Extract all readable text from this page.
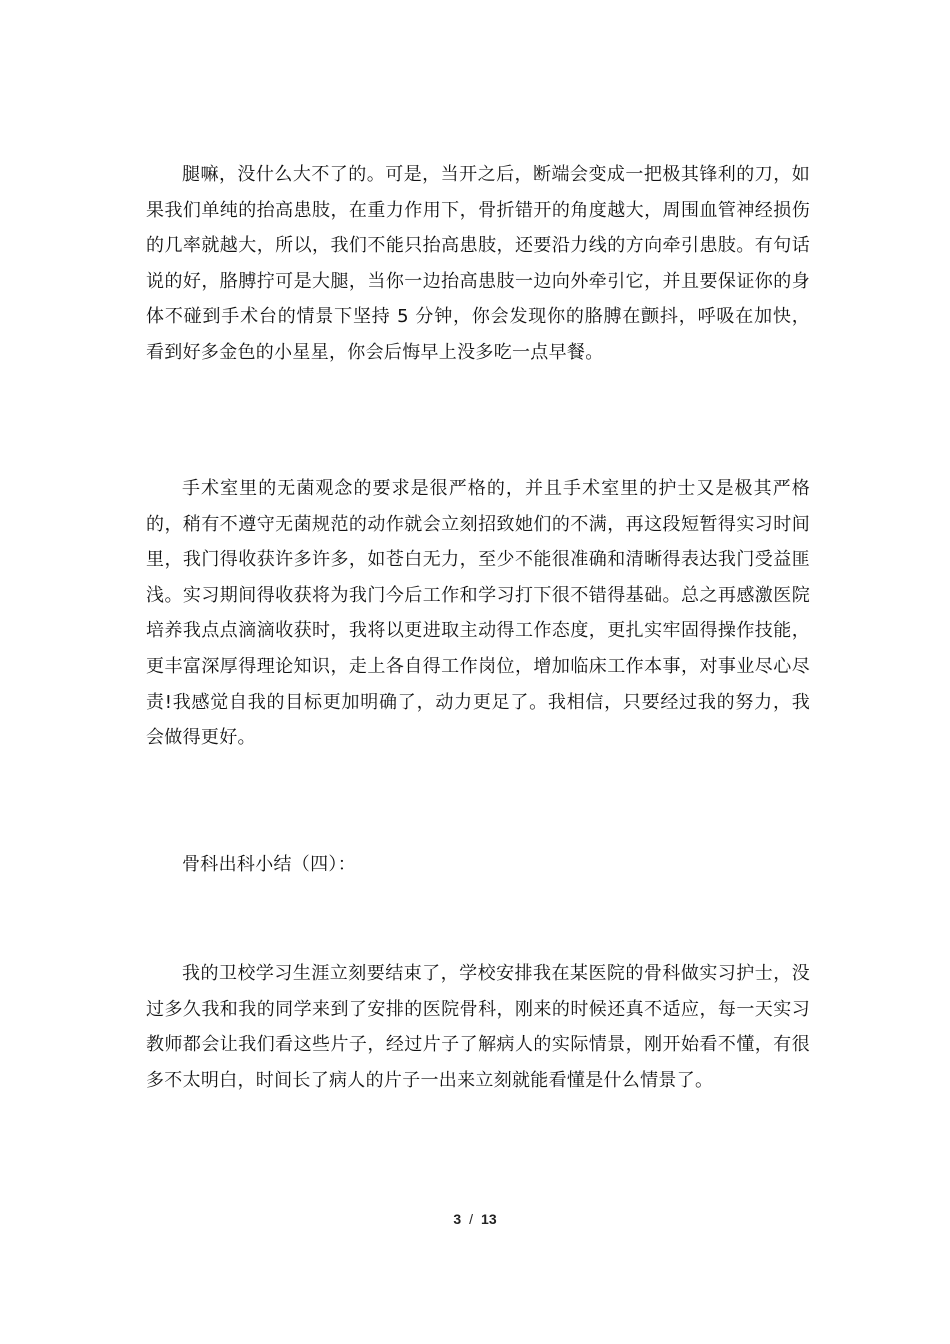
腿嘛，没什么大不了的。可是，当开之后，断端会变成一把极其锋利的刀，如果我们单纯的抬高患肢，在重力作用下，骨折错开的角度越大，周围血管神经损伤的几率就越大，所以，我们不能只抬高患肢，还要沿力线的方向牵引患肢。有句话说的好，胳膊拧可是大腿，当你一边抬高患肢一边向外牵引它，并且要保证你的身体不碰到手术台的情景下坚持 5 分钟，你会发现你的胳膊在颤抖，呼吸在加快，看到好多金色的小星星，你会后悔早上没多吃一点早餐。

手术室里的无菌观念的要求是很严格的，并且手术室里的护士又是极其严格的，稍有不遵守无菌规范的动作就会立刻招致她们的不满，再这段短暂得实习时间里，我门得收获许多许多，如苍白无力，至少不能很准确和清晰得表达我门受益匪浅。实习期间得收获将为我门今后工作和学习打下很不错得基础。总之再感激医院培养我点点滴滴收获时，我将以更进取主动得工作态度，更扎实牢固得操作技能，更丰富深厚得理论知识，走上各自得工作岗位，增加临床工作本事，对事业尽心尽责!我感觉自我的目标更加明确了，动力更足了。我相信，只要经过我的努力，我会做得更好。

骨科出科小结（四）：

我的卫校学习生涯立刻要结束了，学校安排我在某医院的骨科做实习护士，没过多久我和我的同学来到了安排的医院骨科，刚来的时候还真不适应，每一天实习教师都会让我们看这些片子，经过片子了解病人的实际情景，刚开始看不懂，有很多不太明白，时间长了病人的片子一出来立刻就能看懂是什么情景了。

3 / 13
